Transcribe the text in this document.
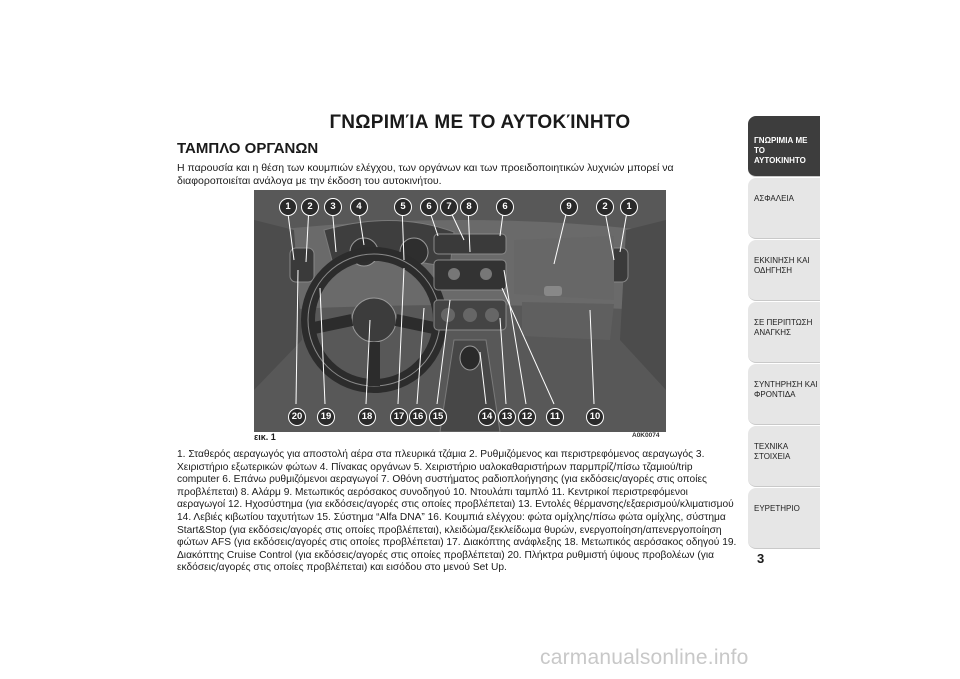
ΓΝΩΡΙΜΊΑ ΜΕ ΤΟ ΑΥΤΟΚΊΝΗΤΟ
ΤΑΜΠΛΟ ΟΡΓΑΝΩΝ

Η παρουσία και η θέση των κουμπιών ελέγχου, των οργάνων και των προειδοποιητικών λυχνιών μπορεί να διαφοροποιείται ανάλογα με την έκδοση του αυτοκινήτου.

1	2	3	4	5	6	7	8	6	9	2	1
20	19	18	17 16 15	14 13 12	11	10
εικ. 1	A0K0074

1. Σταθερός αεραγωγός για αποστολή αέρα στα πλευρικά τζάμια 2. Ρυθμιζόμενος και περιστρεφόμενος αεραγωγός 3. Χειριστήριο εξωτερικών φώτων 4. Πίνακας οργάνων 5. Χειριστήριο υαλοκαθαριστήρων παρμπρίζ/πίσω τζαμιού/trip computer 6. Επάνω ρυθμιζόμενοι αεραγωγοί 7. Οθόνη συστήματος ραδιοπλοήγησης (για εκδόσεις/αγορές στις οποίες προβλέπεται) 8. Αλάρμ 9. Μετωπικός αερόσακος συνοδηγού 10. Ντουλάπι ταμπλό 11. Κεντρικοί περιστρεφόμενοι αεραγωγοί 12. Ηχοσύστημα (για εκδόσεις/αγορές στις οποίες προβλέπεται) 13. Εντολές θέρμανσης/εξαερισμού/κλιματισμού 14. Λεβιές κιβωτίου ταχυτήτων 15. Σύστημα “Alfa DNA” 16. Κουμπιά ελέγχου: φώτα ομίχλης/πίσω φώτα ομίχλης, σύστημα Start&Stop (για εκδόσεις/αγορές στις οποίες προβλέπεται), κλειδώμα/ξεκλείδωμα θυρών, ενεργοποίηση/απενεργοποίηση φώτων AFS (για εκδόσεις/αγορές στις οποίες προβλέπεται) 17. Διακόπτης ανάφλεξης 18. Μετωπικός αερόσακος οδηγού 19. Διακόπτης Cruise Control (για εκδόσεις/αγορές στις οποίες προβλέπεται) 20. Πλήκτρα ρυθμιστή ύψους προβολέων (για εκδόσεις/αγορές στις οποίες προβλέπεται) και εισόδου στο μενού Set Up.

ΓΝΩΡΙΜΙΑ ΜΕ ΤΟ ΑΥΤΟΚΙΝΗΤΟ
ΑΣΦΑΛΕΙΑ
ΕΚΚΙΝΗΣΗ ΚΑΙ ΟΔΗΓΗΣΗ
ΣΕ ΠΕΡΙΠΤΩΣΗ ΑΝΑΓΚΗΣ
ΣΥΝΤΗΡΗΣΗ ΚΑΙ ΦΡΟΝΤΙΔΑ
ΤΕΧΝΙΚΑ ΣΤΟΙΧΕΙΑ
ΕΥΡΕΤΗΡΙΟ
3
carmanualsonline.info
